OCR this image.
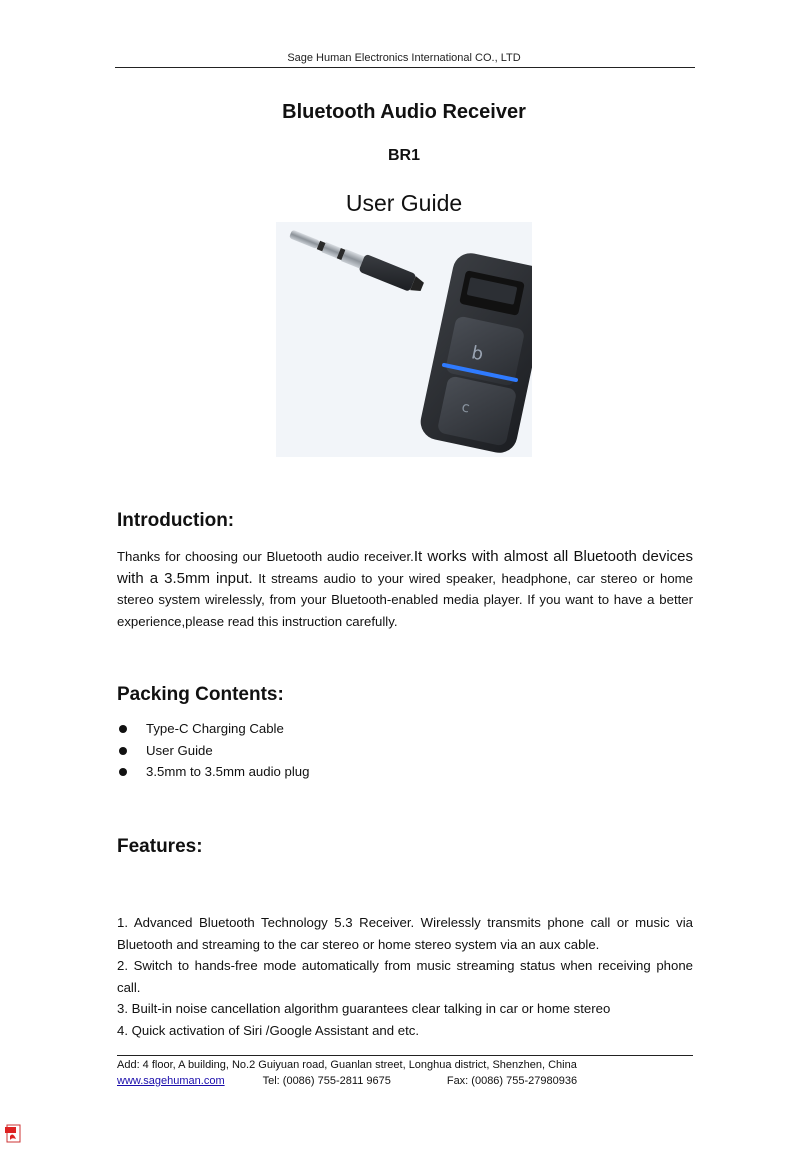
Sage Human Electronics International CO., LTD
Bluetooth Audio Receiver
BR1
User Guide
b
c
Introduction:
Thanks for choosing our Bluetooth audio receiver.It works with almost all Bluetooth devices with a 3.5mm input. It streams audio to your wired speaker, headphone, car stereo or home stereo system wirelessly, from your Bluetooth-enabled media player. If you want to have a better experience,please read this instruction carefully.
Packing Contents:
Type-C Charging Cable
User Guide
3.5mm to 3.5mm audio plug
Features:

1. Advanced Bluetooth Technology 5.3 Receiver. Wirelessly transmits phone call or music via Bluetooth and streaming to the car stereo or home stereo system via an aux cable.

2. Switch to hands-free mode automatically from music streaming status when receiving phone call.

3. Built-in noise cancellation algorithm guarantees clear talking in car or home stereo

4. Quick activation of Siri /Google Assistant and etc.

Add: 4 floor, A building, No.2 Guiyuan road, Guanlan street, Longhua district, Shenzhen, China
www.sagehuman.com	Tel: (0086) 755-2811 9675	Fax: (0086) 755-27980936
